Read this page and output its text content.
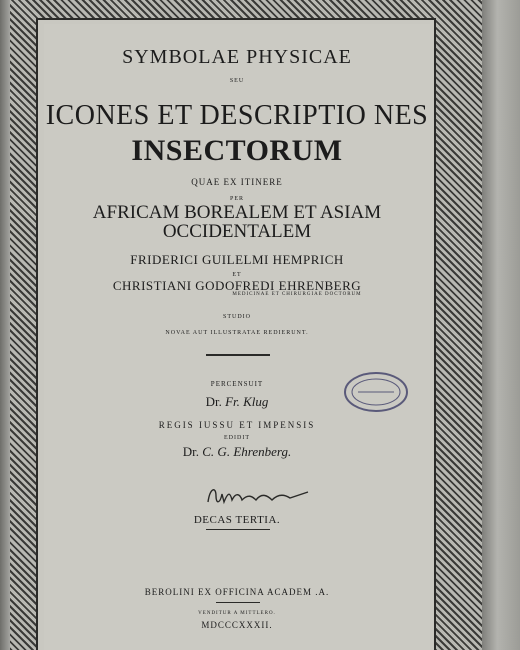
SYMBOLAE PHYSICAE
SEU
ICONES ET DESCRIPTIO NES
INSECTORUM
QUAE EX ITINERE
PER
AFRICAM BOREALEM ET ASIAM
OCCIDENTALEM
FRIDERICI GUILELMI HEMPRICH
ET
CHRISTIANI GODOFREDI EHRENBERG
MEDICINAE ET CHIRURGIAE DOCTORUM
STUDIO
NOVAE AUT ILLUSTRATAE REDIERUNT.
PERCENSUIT
Dr. Fr. Klug
REGIS IUSSU ET IMPENSIS
EDIDIT
Dr. C. G. Ehrenberg.
DECAS TERTIA.
BEROLINI EX OFFICINA ACADEM .A.
VENDITUR A MITTLERO.
MDCCCXXXII.
